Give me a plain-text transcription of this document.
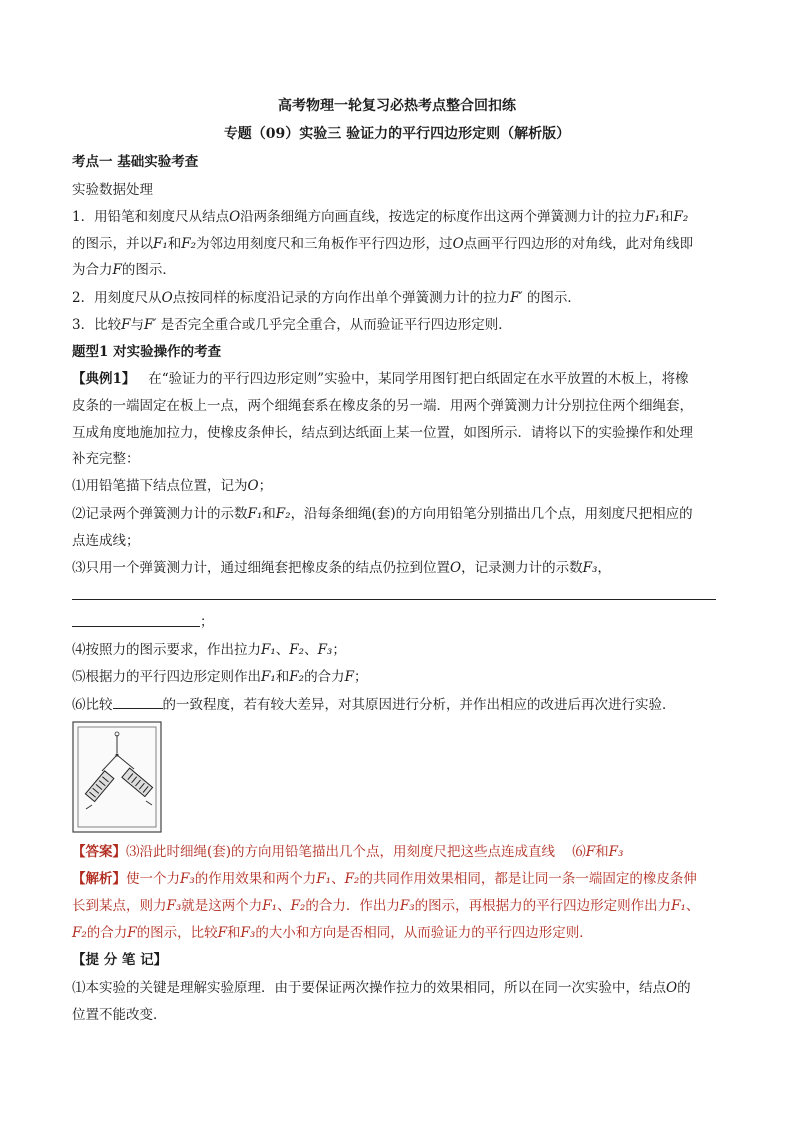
高考物理一轮复习必热考点整合回扣练
专题（09）实验三 验证力的平行四边形定则（解析版）
考点一 基础实验考查
实验数据处理
1．用铅笔和刻度尺从结点O沿两条细绳方向画直线，按选定的标度作出这两个弹簧测力计的拉力F₁和F₂
的图示，并以F₁和F₂为邻边用刻度尺和三角板作平行四边形，过O点画平行四边形的对角线，此对角线即
为合力F的图示．
2．用刻度尺从O点按同样的标度沿记录的方向作出单个弹簧测力计的拉力F′ 的图示．
3．比较F与F′ 是否完全重合或几乎完全重合，从而验证平行四边形定则．
题型1 对实验操作的考查
【典例1】 在“验证力的平行四边形定则”实验中，某同学用图钉把白纸固定在水平放置的木板上，将橡
皮条的一端固定在板上一点，两个细绳套系在橡皮条的另一端．用两个弹簧测力计分别拉住两个细绳套，
互成角度地施加拉力，使橡皮条伸长，结点到达纸面上某一位置，如图所示．请将以下的实验操作和处理
补充完整：
⑴用铅笔描下结点位置，记为O；
⑵记录两个弹簧测力计的示数F₁和F₂，沿每条细绳(套)的方向用铅笔分别描出几个点，用刻度尺把相应的
点连成线；
⑶只用一个弹簧测力计，通过细绳套把橡皮条的结点仍拉到位置O，记录测力计的示数F₃，
；
⑷按照力的图示要求，作出拉力F₁、F₂、F₃；
⑸根据力的平行四边形定则作出F₁和F₂的合力F；
⑹比较	的一致程度，若有较大差异，对其原因进行分析，并作出相应的改进后再次进行实验．
【答案】⑶沿此时细绳(套)的方向用铅笔描出几个点，用刻度尺把这些点连成直线 ⑹F和F₃
【解析】使一个力F₃的作用效果和两个力F₁、F₂的共同作用效果相同，都是让同一条一端固定的橡皮条伸
长到某点，则力F₃就是这两个力F₁、F₂的合力．作出力F₃的图示，再根据力的平行四边形定则作出力F₁、
F₂的合力F的图示，比较F和F₃的大小和方向是否相同，从而验证力的平行四边形定则．
【提 分 笔 记】
⑴本实验的关键是理解实验原理．由于要保证两次操作拉力的效果相同，所以在同一次实验中，结点O的
位置不能改变．
